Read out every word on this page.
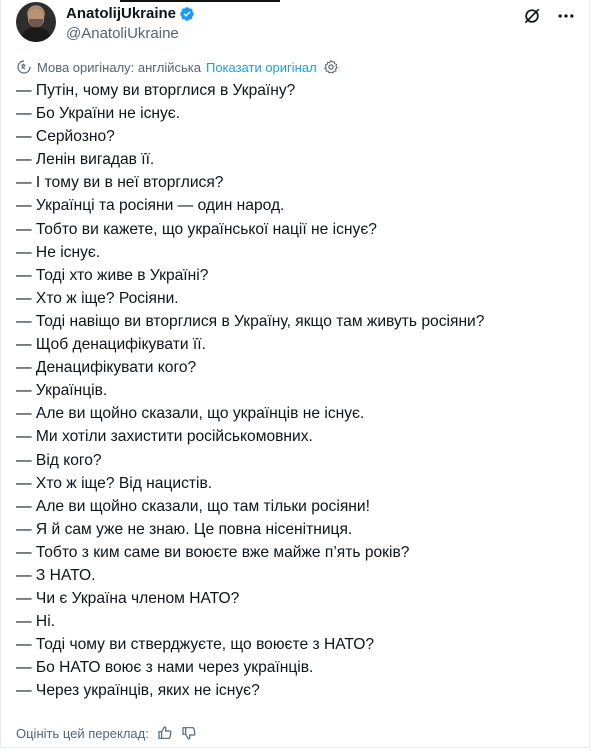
AnatolijUkraine
@AnatoliUkraine
Мова оригіналу: англійська Показати оригінал
— Путін, чому ви вторглися в Україну?
— Бо України не існує.
— Серйозно?
— Ленін вигадав її.
— І тому ви в неї вторглися?
— Українці та росіяни — один народ.
— Тобто ви кажете, що української нації не існує?
— Не існує.
— Тоді хто живе в Україні?
— Хто ж іще? Росіяни.
— Тоді навіщо ви вторглися в Україну, якщо там живуть росіяни?
— Щоб денацифікувати її.
— Денацифікувати кого?
— Українців.
— Але ви щойно сказали, що українців не існує.
— Ми хотіли захистити російськомовних.
— Від кого?
— Хто ж іще? Від нацистів.
— Але ви щойно сказали, що там тільки росіяни!
— Я й сам уже не знаю. Це повна нісенітниця.
— Тобто з ким саме ви воюєте вже майже п’ять років?
— З НАТО.
— Чи є Україна членом НАТО?
— Ні.
— Тоді чому ви стверджуєте, що воюєте з НАТО?
— Бо НАТО воює з нами через українців.
— Через українців, яких не існує?
Оцініть цей переклад:
